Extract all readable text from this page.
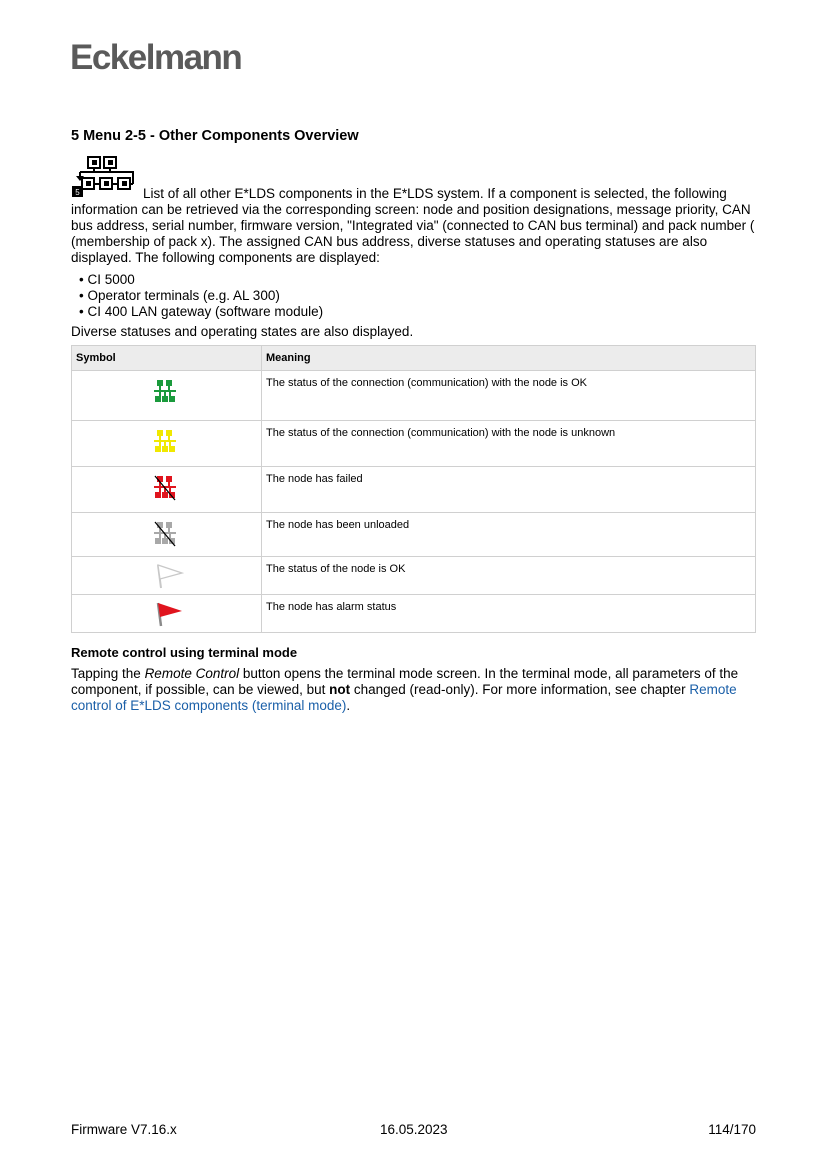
Eckelmann
5 Menu 2-5 - Other Components Overview

5	List of all other E*LDS components in the E*LDS system. If a component is selected, the following information can be retrieved via the corresponding screen: node and position designations, message priority, CAN bus address, serial number, firmware version, "Integrated via" (connected to CAN bus terminal) and pack number ( (membership of pack x). The assigned CAN bus address, diverse statuses and operating statuses are also displayed. The following components are displayed:

• CI 5000
• Operator terminals (e.g. AL 300)
• CI 400 LAN gateway (software module)

Diverse statuses and operating states are also displayed.

Symbol	Meaning

	The status of the connection (communication) with the node is OK

	The status of the connection (communication) with the node is unknown

	The node has failed

	The node has been unloaded

	The status of the node is OK

	The node has alarm status
Remote control using terminal mode

Tapping the Remote Control button opens the terminal mode screen. In the terminal mode, all parameters of the component, if possible, can be viewed, but not changed (read-only). For more information, see chapter Remote control of E*LDS components (terminal mode).

Firmware V7.16.x	16.05.2023	114/170
